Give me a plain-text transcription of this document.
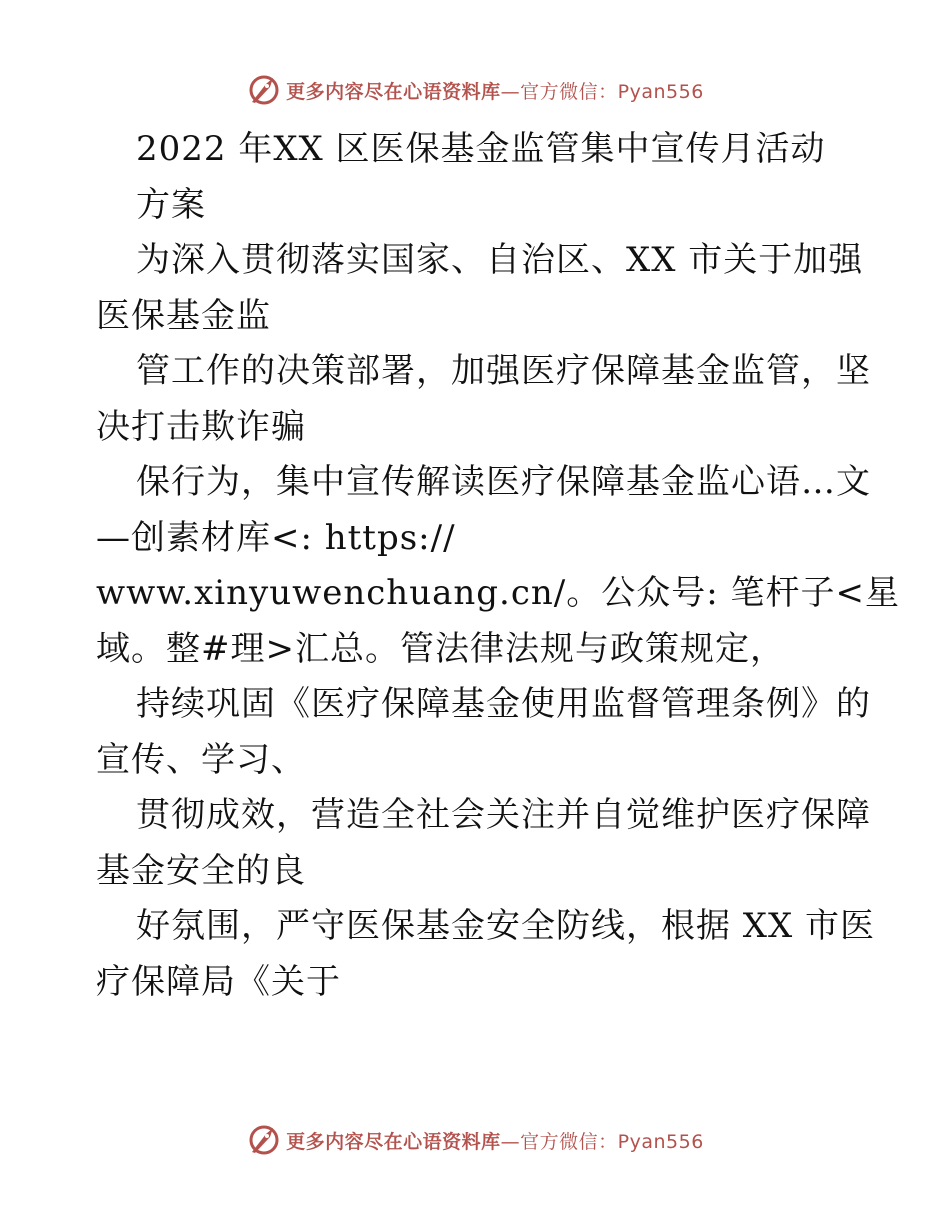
更多内容尽在心语资料库 —官方微信：Pyan556
2022 年XX 区医保基金监管集中宣传月活动
方案
为深入贯彻落实国家、自治区、XX 市关于加强
医保基金监
管工作的决策部署，加强医疗保障基金监管，坚
决打击欺诈骗
保行为，集中宣传解读医疗保障基金监心语…文
—创素材库<: https://
www.xinyuwenchuang.cn/。公众号: 笔杆子<星
域。整#理>汇总。管法律法规与政策规定，
持续巩固《医疗保障基金使用监督管理条例》的
宣传、学习、
贯彻成效，营造全社会关注并自觉维护医疗保障
基金安全的良
好氛围，严守医保基金安全防线，根据 XX 市医
疗保障局《关于
更多内容尽在心语资料库 —官方微信：Pyan556
